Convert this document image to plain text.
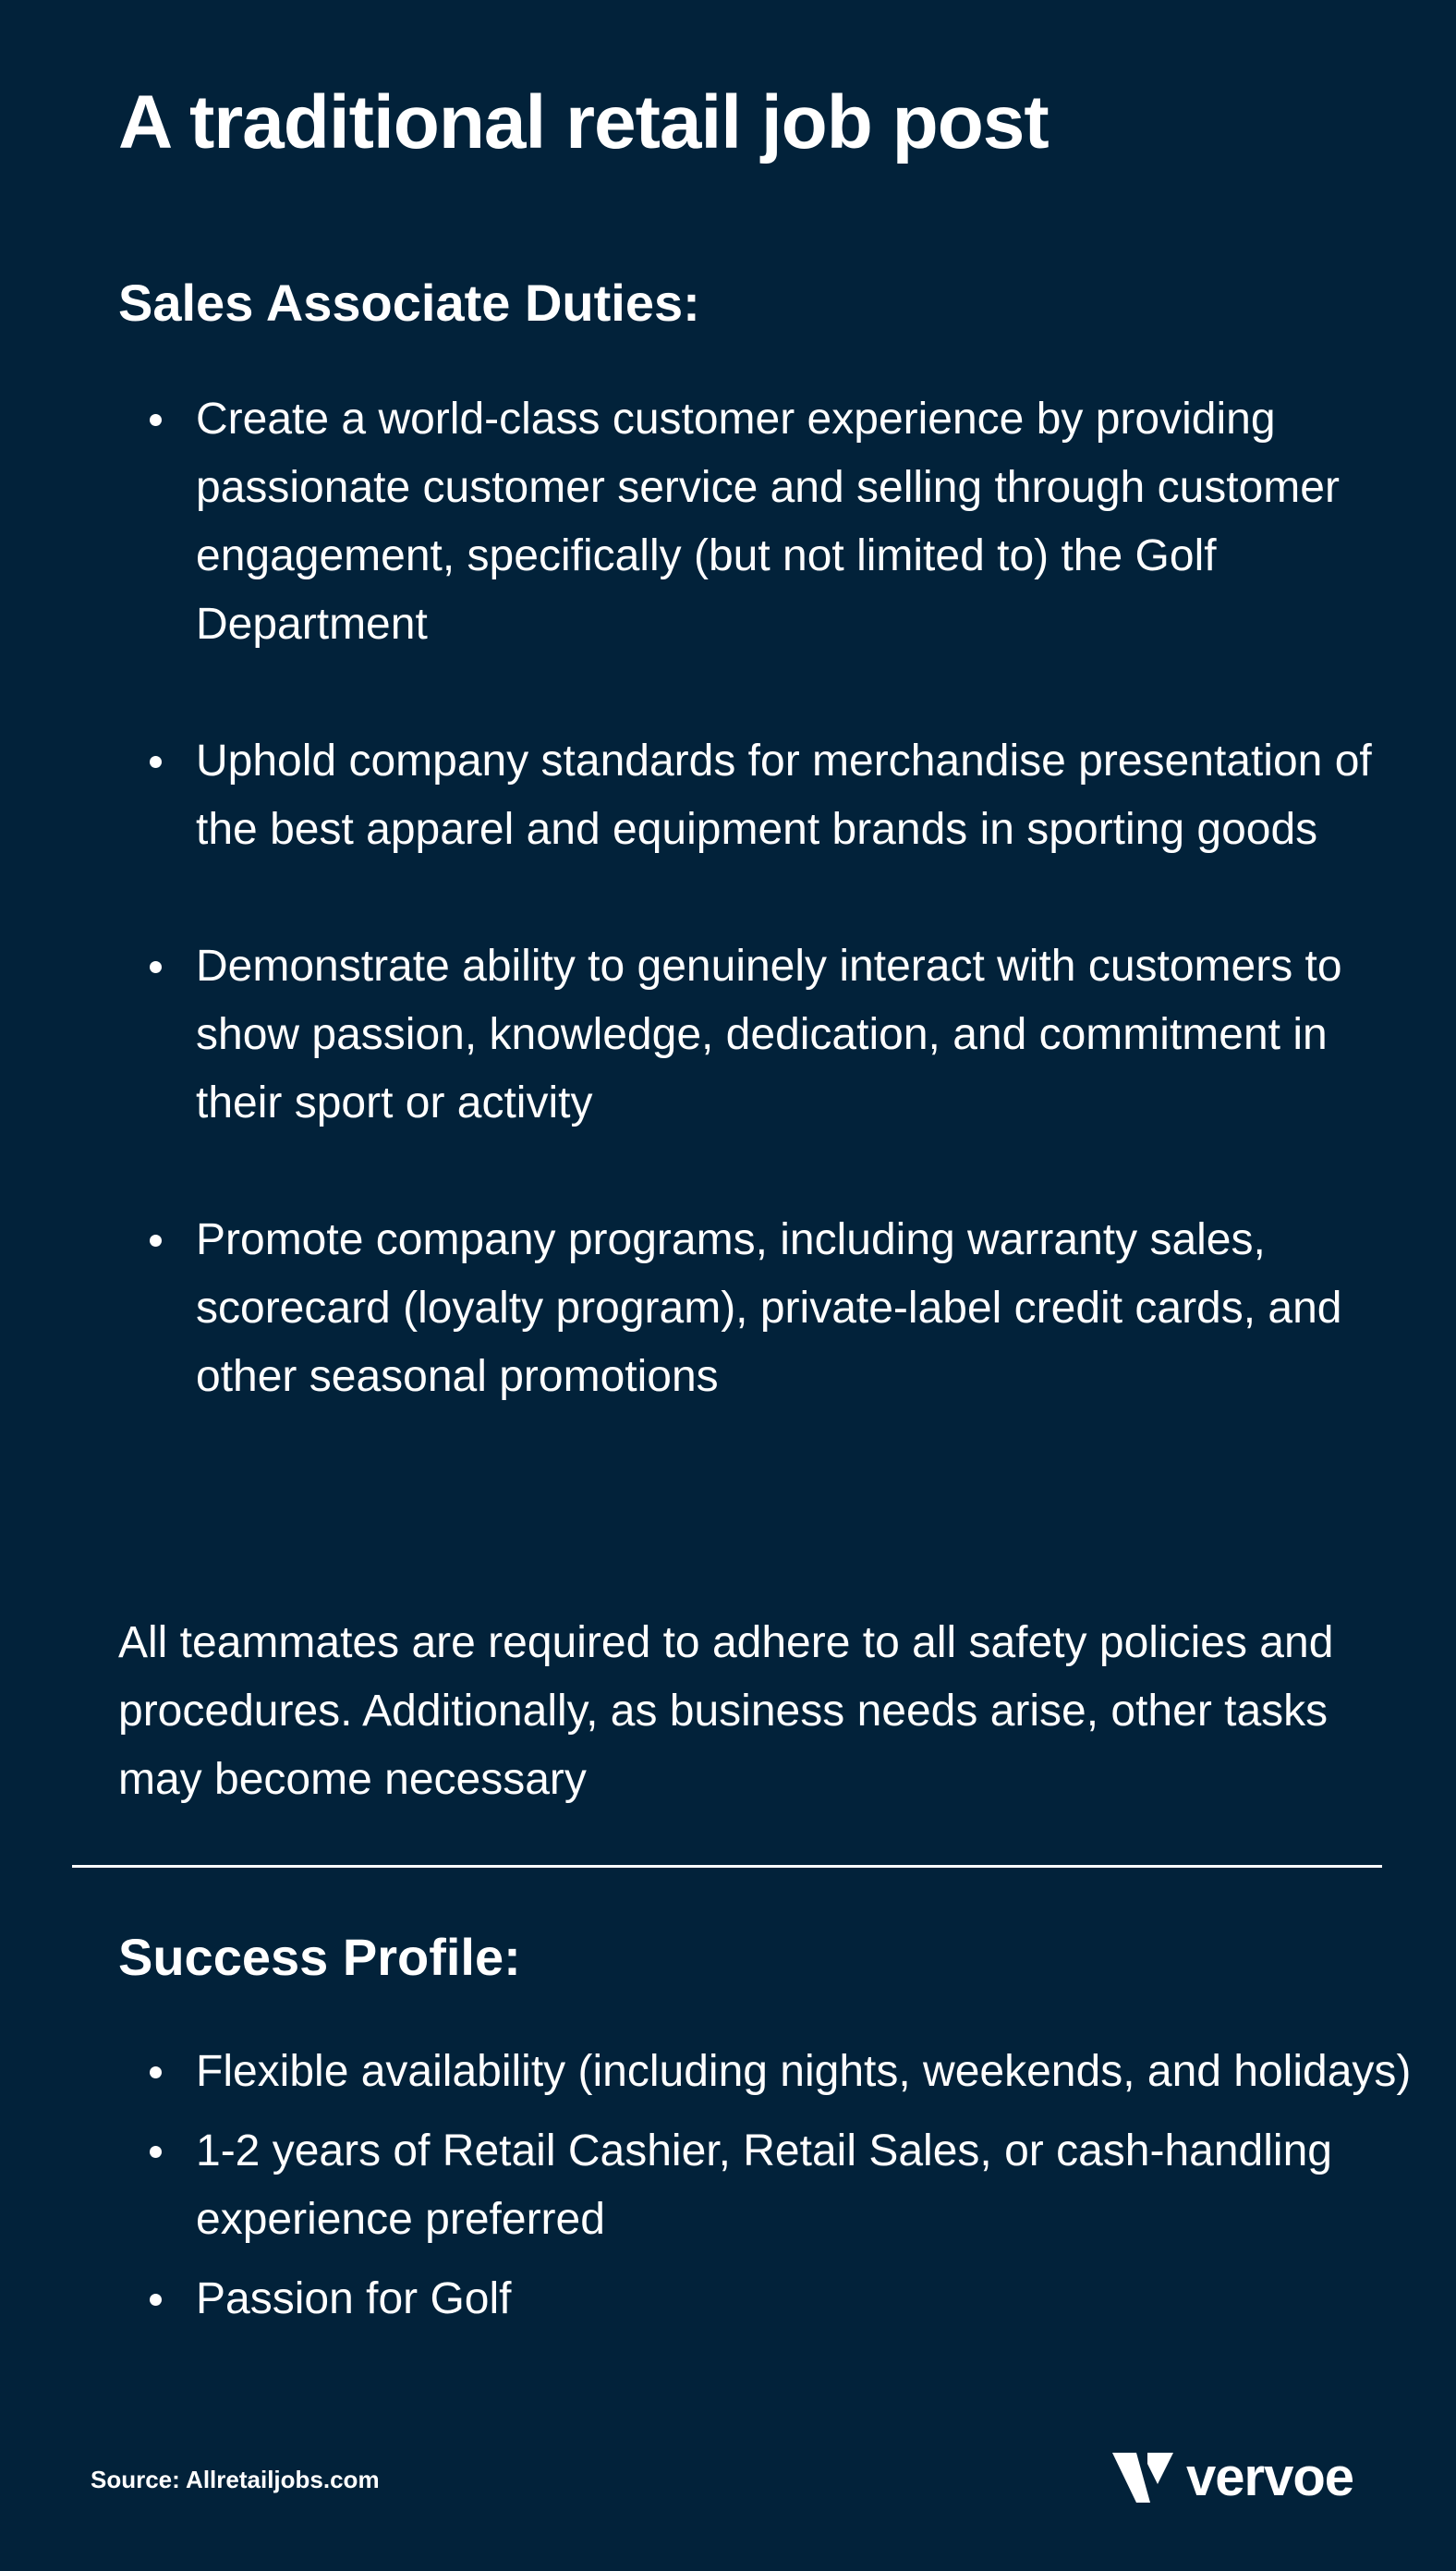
A traditional retail job post
Sales Associate Duties:
Create a world-class customer experience by providing passionate customer service and selling through customer engagement, specifically (but not limited to) the Golf Department
Uphold company standards for merchandise presentation of the best apparel and equipment brands in sporting goods
Demonstrate ability to genuinely interact with customers to show passion, knowledge, dedication, and commitment in their sport or activity
Promote company programs, including warranty sales, scorecard (loyalty program), private-label credit cards, and other seasonal promotions

All teammates are required to adhere to all safety policies and procedures. Additionally, as business needs arise, other tasks may become necessary

Success Profile:
Flexible availability (including nights, weekends, and holidays)
1-2 years of Retail Cashier, Retail Sales, or cash-handling experience preferred
Passion for Golf
Source: Allretailjobs.com	vervoe
